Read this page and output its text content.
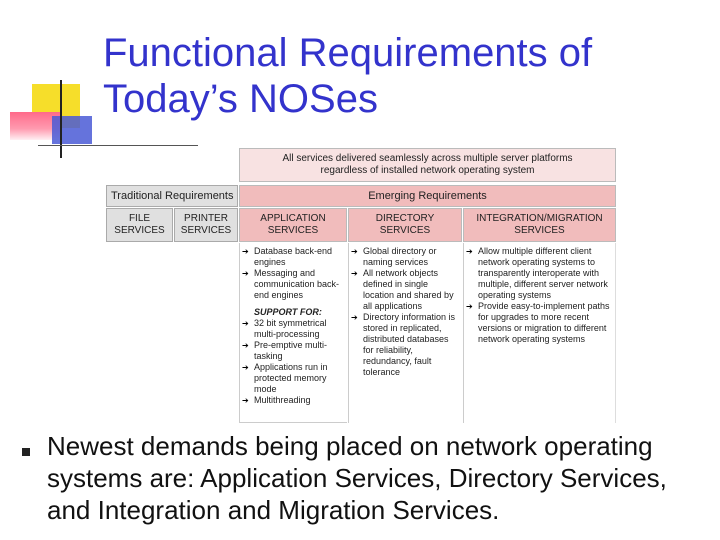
Functional Requirements of
Today’s NOSes
All services delivered seamlessly across multiple server platforms
regardless of installed network operating system
Traditional Requirements	Emerging Requirements
FILE
SERVICES
PRINTER
SERVICES
APPLICATION
SERVICES
DIRECTORY
SERVICES
INTEGRATION/MIGRATION
SERVICES

➔ Database back-end engines

➔ Messaging and communication back-end engines

SUPPORT FOR:

➔ 32 bit symmetrical multi-processing

➔ Pre-emptive multi-tasking

➔ Applications run in protected memory mode

➔ Multithreading

➔ Global directory or naming services

➔ All network objects defined in single location and shared by all applications

➔ Directory information is stored in replicated, distributed databases for reliability, redundancy, fault tolerance

➔ Allow multiple different client network operating systems to transparently interoperate with multiple, different server network operating systems

➔ Provide easy-to-implement paths for upgrades to more recent versions or migration to different network operating systems

Newest demands being placed on network operating systems are: Application Services, Directory Services, and Integration and Migration Services.
